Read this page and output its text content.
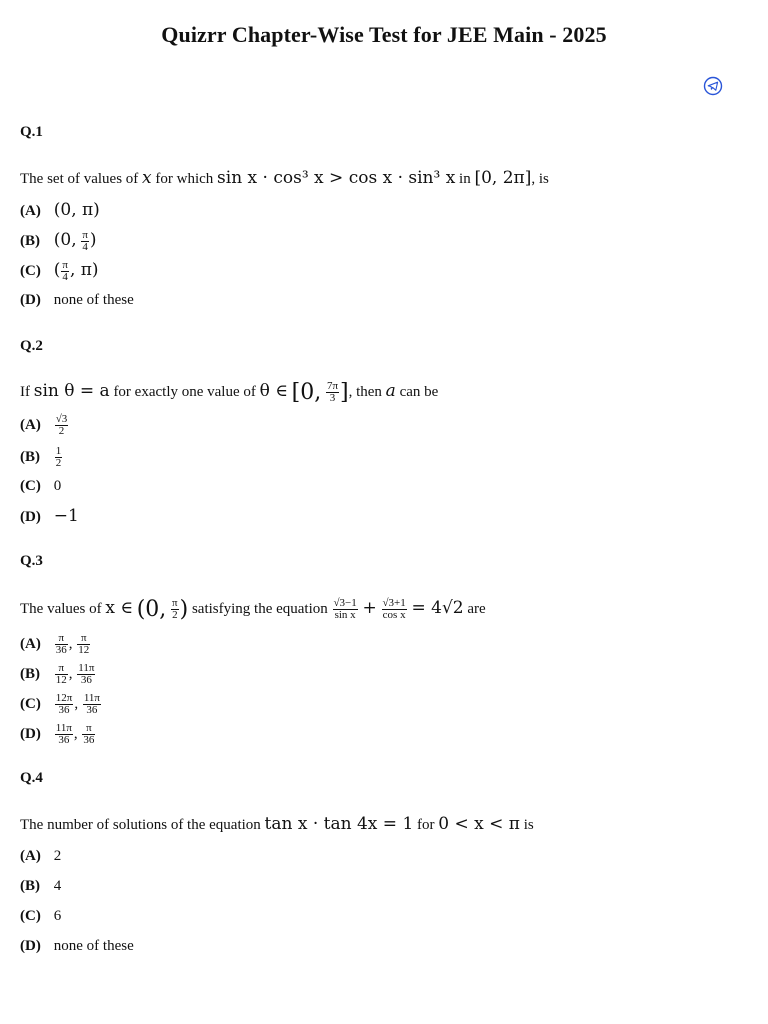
Quizrr Chapter-Wise Test for JEE Main - 2025
Q.1
The set of values of x for which sin x · cos³ x > cos x · sin³ x in [0, 2π], is
(A) (0, π)
(B) (0, $\frac{\pi}{4}$ )
(C) ( $\frac{\pi}{4}$ , π)
(D) none of these
Q.2
If sin θ = a for exactly one value of θ ∈ [0, $\frac{7\pi}{3}$ ], then a can be
$(A) \frac{√3}{2}$
$(B) \frac{1}{2}$
(C) 0
(D) −1
Q.3
The values of x ∈ (0, $\frac{\pi}{2}$ ) satisfying the equation $\frac{√3-1}{\text{sin x}} + \frac{√3+1}{\text{cos x}} = 4√2$ are
$(A) \frac{\pi}{36}$ , $\frac{\pi}{12}$
$(B) \frac{\pi}{12}$ , $\frac{11\pi}{36}$
$(C) \frac{12\pi}{36}$ , $\frac{11\pi}{36}$
$(D) \frac{11\pi}{36}$ , $\frac{\pi}{36}$
Q.4
The number of solutions of the equation tan x · tan 4x = 1 for 0 < x < π is
(A) 2
(B) 4
(C) 6
(D) none of these
